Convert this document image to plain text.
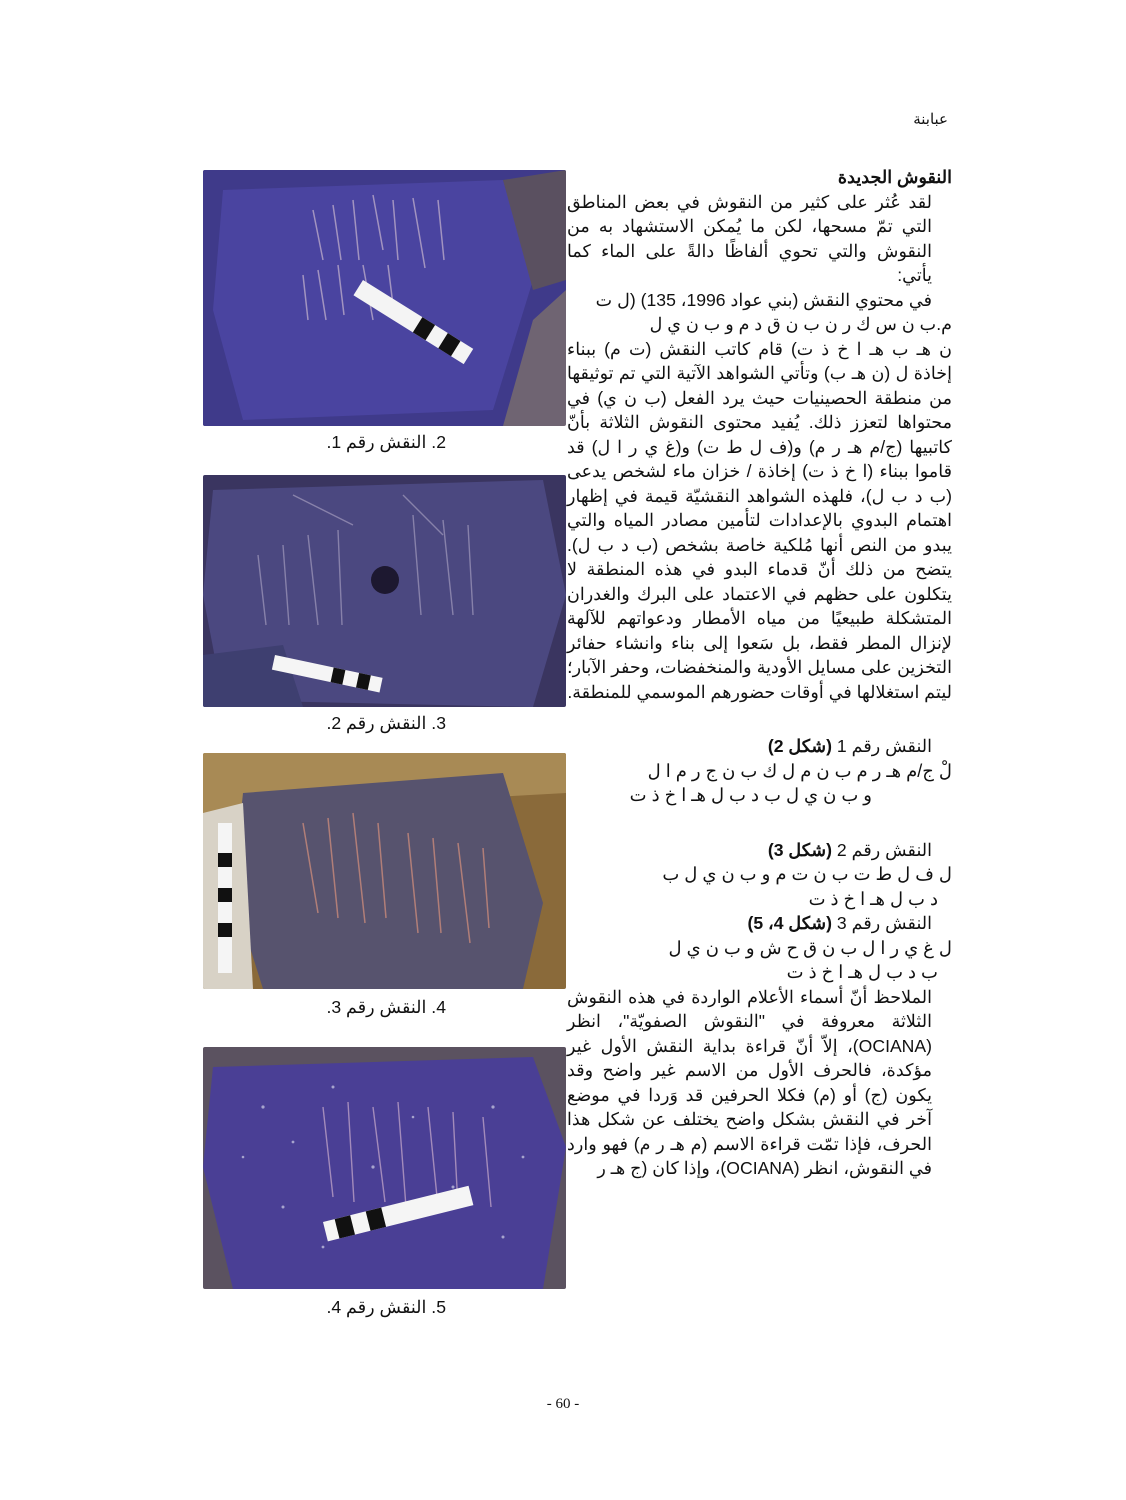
عبابنة

النقوش الجديدة

لقد عُثر على كثير من النقوش في بعض المناطق التي تمّ مسحها، لكن ما يُمكن الاستشهاد به من النقوش والتي تحوي ألفاظًا دالةً على الماء كما يأتي:

في محتوي النقش (بني عواد 1996، 135) (ل ت

م.ب ن س ك ر ن ب ن ق د م و ب ن ي ل

ن هـ ب هـ ا خ ذ ت) قام كاتب النقش (ت م) ببناء إخاذة ل (ن هـ ب) وتأتي الشواهد الآتية التي تم توثيقها من منطقة الحصينيات حيث يرد الفعل (ب ن ي) في محتواها لتعزز ذلك. يُفيد محتوى النقوش الثلاثة بأنّ كاتبيها (ج/م هـ ر م) و(ف ل ط ت) و(غ ي ر ا ل) قد قاموا ببناء (ا خ ذ ت) إخاذة / خزان ماء لشخص يدعى (ب د ب ل)، فلهذه الشواهد النقشيّة قيمة في إظهار اهتمام البدوي بالإعدادات لتأمين مصادر المياه والتي يبدو من النص أنها مُلكية خاصة بشخص (ب د ب ل). يتضح من ذلك أنّ قدماء البدو في هذه المنطقة لا يتكلون على حظهم في الاعتماد على البرك والغدران المتشكلة طبيعيًا من مياه الأمطار ودعواتهم للآلهة لإنزال المطر فقط، بل سَعوا إلى بناء وانشاء حفائر التخزين على مسايل الأودية والمنخفضات، وحفر الآبار؛ ليتم استغلالها في أوقات حضورهم الموسمي للمنطقة.

النقش رقم 1 (شكل 2)

لْ ج/م هـ ر م ب ن م ل ك ب ن ج ر م ا ل

و ب ن ي ل ب د ب ل هـ ا خ ذ ت

النقش رقم 2 (شكل 3)

ل ف ل ط ت ب ن ت م و ب ن ي ل ب

د ب ل هـ ا خ ذ ت

النقش رقم 3 (شكل 4، 5)

ل غ ي ر ا ل ب ن ق ح ش و ب ن ي ل

ب د ب ل هـ ا خ ذ ت

الملاحظ أنّ أسماء الأعلام الواردة في هذه النقوش الثلاثة معروفة في "النقوش الصفويّة"، انظر (OCIANA)، إلاّ أنّ قراءة بداية النقش الأول غير مؤكدة، فالحرف الأول من الاسم غير واضح وقد يكون (ج) أو (م) فكلا الحرفين قد وَردا في موضع آخر في النقش بشكل واضح يختلف عن شكل هذا الحرف، فإذا تمّت قراءة الاسم (م هـ ر م) فهو وارد في النقوش، انظر (OCIANA)، وإذا كان (ج هـ ر

2. النقش رقم 1.
3. النقش رقم 2.
4. النقش رقم 3.
5. النقش رقم 4.
- 60 -
